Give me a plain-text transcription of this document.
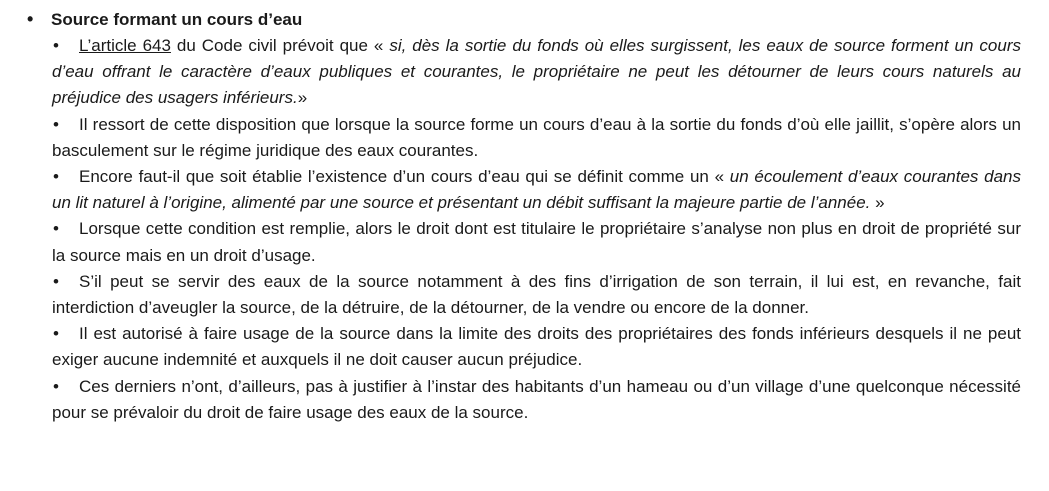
•	Source formant un cours d’eau
• L’article 643 du Code civil prévoit que « si, dès la sortie du fonds où elles surgissent, les eaux de source forment un cours d’eau offrant le caractère d’eaux publiques et courantes, le propriétaire ne peut les détourner de leurs cours naturels au préjudice des usagers inférieurs.»
• Il ressort de cette disposition que lorsque la source forme un cours d’eau à la sortie du fonds d’où elle jaillit, s’opère alors un basculement sur le régime juridique des eaux courantes.
• Encore faut-il que soit établie l’existence d’un cours d’eau qui se définit comme un « un écoulement d’eaux courantes dans un lit naturel à l’origine, alimenté par une source et présentant un débit suffisant la majeure partie de l’année. »
• Lorsque cette condition est remplie, alors le droit dont est titulaire le propriétaire s’analyse non plus en droit de propriété sur la source mais en un droit d’usage.
• S’il peut se servir des eaux de la source notamment à des fins d’irrigation de son terrain, il lui est, en revanche, fait interdiction d’aveugler la source, de la détruire, de la détourner, de la vendre ou encore de la donner.
• Il est autorisé à faire usage de la source dans la limite des droits des propriétaires des fonds inférieurs desquels il ne peut exiger aucune indemnité et auxquels il ne doit causer aucun préjudice.
• Ces derniers n’ont, d’ailleurs, pas à justifier à l’instar des habitants d’un hameau ou d’un village d’une quelconque nécessité pour se prévaloir du droit de faire usage des eaux de la source.
